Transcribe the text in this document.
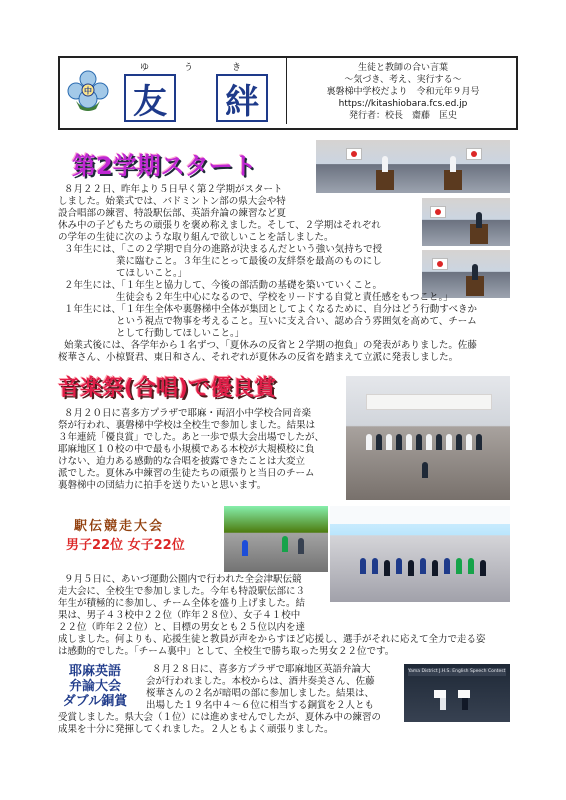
中
ゆ	う	き
友 絆
生徒と教師の合い言葉
～気づき、考え、実行する～
裏磐梯中学校だより　令和元年９月号
https://kitashiobara.fcs.ed.jp
発行者：校長　齋藤　匡史
第2学期スタート
８月２２日、昨年より５日早く第２学期がスタート
しました。始業式では、バドミントン部の県大会や特
設合唱部の練習、特設駅伝部、英語弁論の練習など夏
休み中の子どもたちの頑張りを褒め称えました。そして、２学期はそれぞれ
の学年の生徒に次のような取り組んで欲しいことを話しました。
３年生には、「この２学期で自分の進路が決まるんだという強い気持ちで授
業に臨むこと。３年生にとって最後の友絆祭を最高のものにし
てほしいこと。」
２年生には、「１年生と協力して、今後の部活動の基礎を築いていくこと。
生徒会も２年生中心になるので、学校をリードする自覚と責任感をもつこと。」
１年生には、「１年生全体や裏磐梯中全体が集団としてよくなるために、自分はどう行動すべきか
という視点で物事を考えること。互いに支え合い、認め合う雰囲気を高めて、チーム
として行動してほしいこと。」
始業式後には、各学年から１名ずつ、「夏休みの反省と２学期の抱負」の発表がありました。佐藤
桜華さん、小椋賢君、東日和さん、それぞれが夏休みの反省を踏まえて立派に発表しました。
音楽祭(合唱)で優良賞
８月２０日に喜多方プラザで耶麻・両沼小中学校合同音楽
祭が行われ、裏磐梯中学校は全校生で参加しました。結果は
３年連続「優良賞」でした。あと一歩で県大会出場でしたが、
耶麻地区１０校の中で最も小規模である本校が大規模校に負
けない、迫力ある感動的な合唱を披露できたことは大変立
派でした。夏休み中練習の生徒たちの頑張りと当日のチーム
裏磐梯中の団結力に拍手を送りたいと思います。
駅伝競走大会
男子22位 女子22位
９月５日に、あいづ運動公園内で行われた全会津駅伝競
走大会に、全校生で参加しました。今年も特設駅伝部に３
年生が積極的に参加し、チーム全体を盛り上げました。結
果は、男子４３校中２２位（昨年２８位）、女子４１校中
２２位（昨年２２位）と、目標の男女とも２５位以内を達
成しました。何よりも、応援生徒と教員が声をからすほど応援し、選手がそれに応えて全力で走る姿
は感動的でした。「チーム裏中」として、全校生で勝ち取った男女２２位です。
耶麻英語
弁論大会
ダブル銅賞
Yama District J.H.S. English Speech Contest
８月２８日に、喜多方プラザで耶麻地区英語弁論大
会が行われました。本校からは、酒井奏美さん、佐藤
桜華さんの２名が暗唱の部に参加しました。結果は、
出場した１９名中４～６位に相当する銅賞を２人とも
受賞しました。県大会（１位）には進めませんでしたが、夏休み中の練習の
成果を十分に発揮してくれました。２人ともよく頑張りました。
